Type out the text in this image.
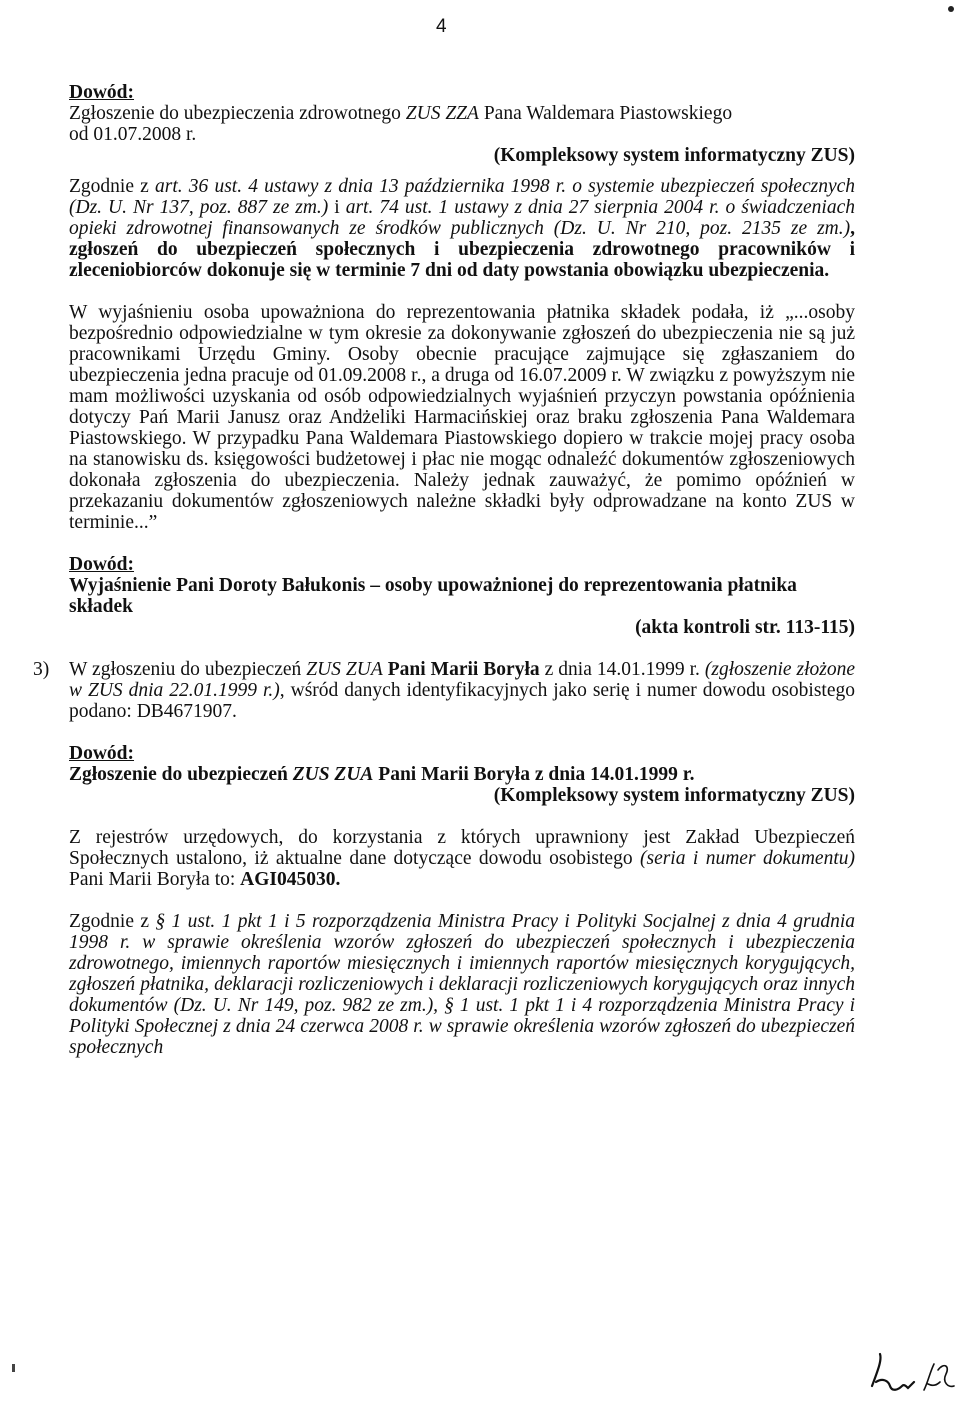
4
Dowód:
Zgłoszenie do ubezpieczenia zdrowotnego ZUS ZZA Pana Waldemara Piastowskiego
od 01.07.2008 r.
(Kompleksowy system informatyczny ZUS)

Zgodnie z art. 36 ust. 4 ustawy z dnia 13 października 1998 r. o systemie ubezpieczeń społecznych (Dz. U. Nr 137, poz. 887 ze zm.) i art. 74 ust. 1 ustawy z dnia 27 sierpnia 2004 r. o świadczeniach opieki zdrowotnej finansowanych ze środków publicznych (Dz. U. Nr 210, poz. 2135 ze zm.), zgłoszeń do ubezpieczeń społecznych i ubezpieczenia zdrowotnego pracowników i zleceniobiorców dokonuje się w terminie 7 dni od daty powstania obowiązku ubezpieczenia.

W wyjaśnieniu osoba upoważniona do reprezentowania płatnika składek podała, iż „...osoby bezpośrednio odpowiedzialne w tym okresie za dokonywanie zgłoszeń do ubezpieczenia nie są już pracownikami Urzędu Gminy. Osoby obecnie pracujące zajmujące się zgłaszaniem do ubezpieczenia jedna pracuje od 01.09.2008 r., a druga od 16.07.2009 r. W związku z powyższym nie mam możliwości uzyskania od osób odpowiedzialnych wyjaśnień przyczyn powstania opóźnienia dotyczy Pań Marii Janusz oraz Andżeliki Harmacińskiej oraz braku zgłoszenia Pana Waldemara Piastowskiego. W przypadku Pana Waldemara Piastowskiego dopiero w trakcie mojej pracy osoba na stanowisku ds. księgowości budżetowej i płac nie mogąc odnaleźć dokumentów zgłoszeniowych dokonała zgłoszenia do ubezpieczenia. Należy jednak zauważyć, że pomimo opóźnień w przekazaniu dokumentów zgłoszeniowych należne składki były odprowadzane na konto ZUS w terminie...”

Dowód:
Wyjaśnienie Pani Doroty Bałukonis – osoby upoważnionej do reprezentowania płatnika składek
(akta kontroli str. 113-115)

3) W zgłoszeniu do ubezpieczeń ZUS ZUA Pani Marii Boryła z dnia 14.01.1999 r. (zgłoszenie złożone w ZUS dnia 22.01.1999 r.), wśród danych identyfikacyjnych jako serię i numer dowodu osobistego podano: DB4671907.

Dowód:
Zgłoszenie do ubezpieczeń ZUS ZUA Pani Marii Boryła z dnia 14.01.1999 r.
(Kompleksowy system informatyczny ZUS)

Z rejestrów urzędowych, do korzystania z których uprawniony jest Zakład Ubezpieczeń Społecznych ustalono, iż aktualne dane dotyczące dowodu osobistego (seria i numer dokumentu) Pani Marii Boryła to: AGI045030.

Zgodnie z § 1 ust. 1 pkt 1 i 5 rozporządzenia Ministra Pracy i Polityki Socjalnej z dnia 4 grudnia 1998 r. w sprawie określenia wzorów zgłoszeń do ubezpieczeń społecznych i ubezpieczenia zdrowotnego, imiennych raportów miesięcznych i imiennych raportów miesięcznych korygujących, zgłoszeń płatnika, deklaracji rozliczeniowych i deklaracji rozliczeniowych korygujących oraz innych dokumentów (Dz. U. Nr 149, poz. 982 ze zm.), § 1 ust. 1 pkt 1 i 4 rozporządzenia Ministra Pracy i Polityki Społecznej z dnia 24 czerwca 2008 r. w sprawie określenia wzorów zgłoszeń do ubezpieczeń społecznych
